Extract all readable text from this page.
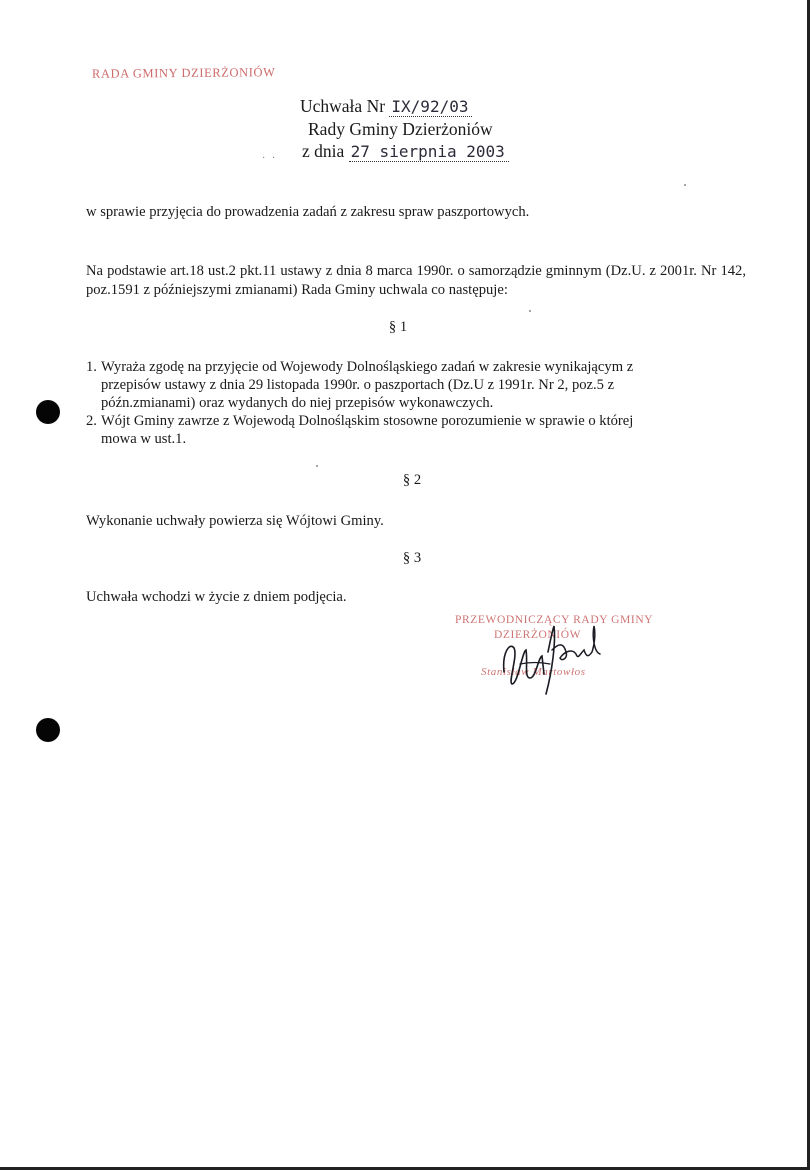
RADA GMINY DZIERŻONIÓW
Uchwała Nr IX/92/03
Rady Gminy Dzierżoniów
· · z dnia 27 sierpnia 2003
w sprawie przyjęcia do prowadzenia zadań z zakresu spraw paszportowych.
Na podstawie art.18 ust.2 pkt.11 ustawy z dnia 8 marca 1990r. o samorządzie gminnym (Dz.U. z 2001r. Nr 142, poz.1591 z późniejszymi zmianami) Rada Gminy uchwala co następuje:
§ 1
1. Wyraża zgodę na przyjęcie od Wojewody Dolnośląskiego zadań w zakresie wynikającym z
przepisów ustawy z dnia 29 listopada 1990r. o paszportach (Dz.U z 1991r. Nr 2, poz.5 z
późn.zmianami) oraz wydanych do niej przepisów wykonawczych.
2. Wójt Gminy zawrze z Wojewodą Dolnośląskim stosowne porozumienie w sprawie o której
mowa w ust.1.
§ 2
Wykonanie uchwały powierza się Wójtowi Gminy.
§ 3
Uchwała wchodzi w życie z dniem podjęcia.
PRZEWODNICZĄCY RADY GMINY
DZIERŻONIÓW
Stanisław Martowłos
